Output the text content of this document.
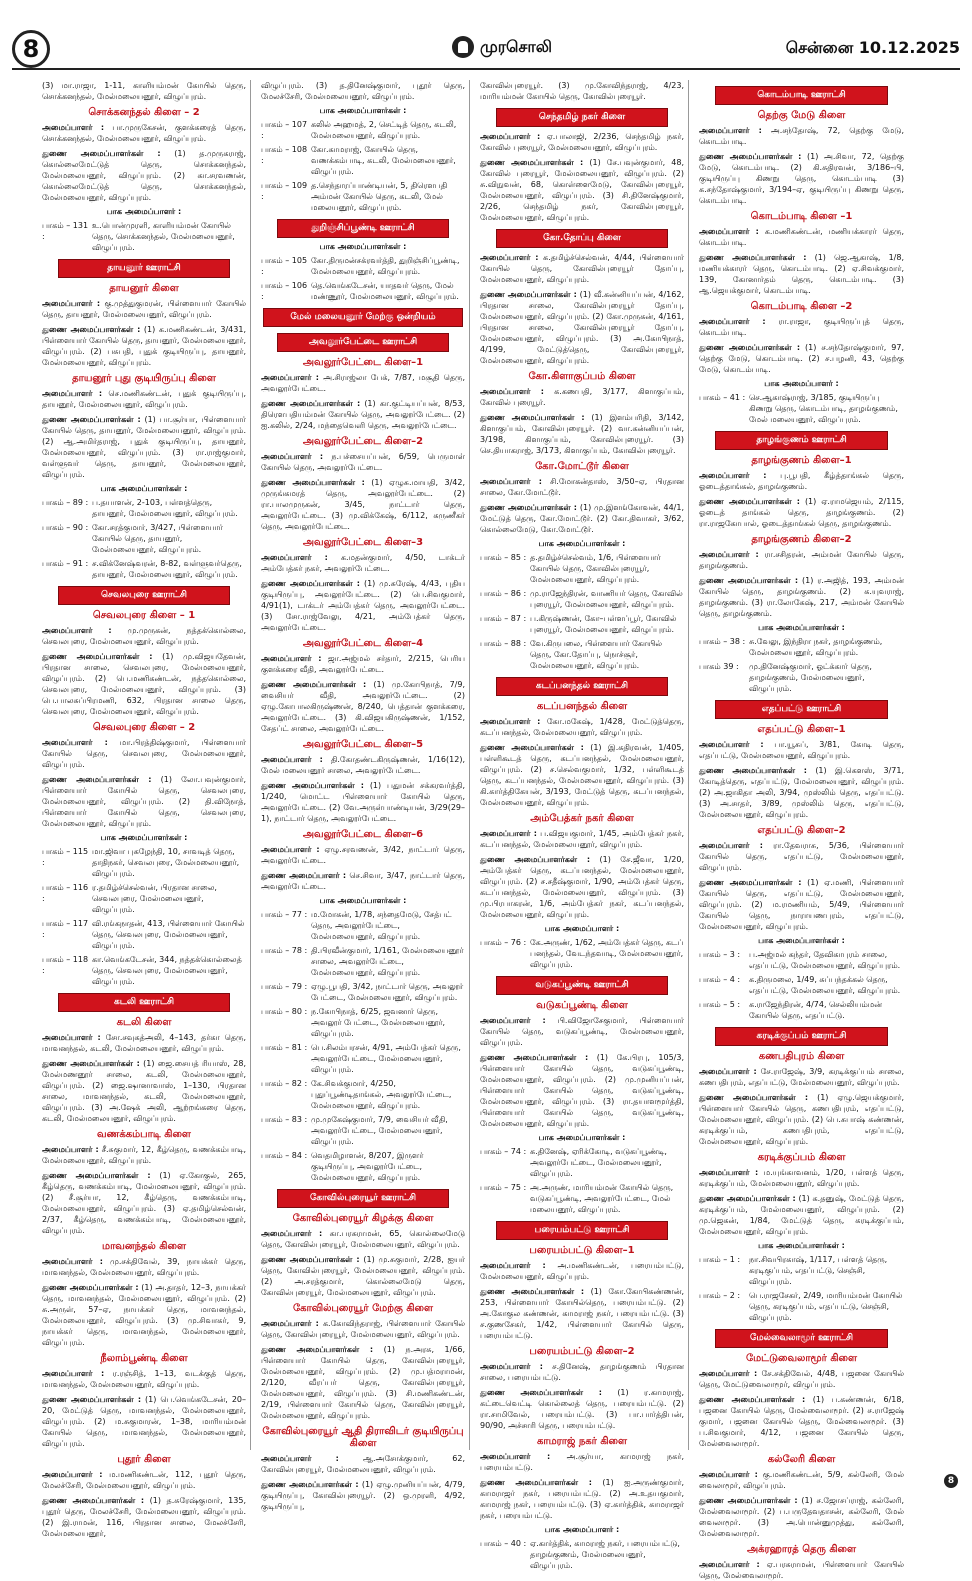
8	முரசொலி	சென்னை 10.12.2025

(3) மா.ராஜா, 1-11, காளியம்மன் கோயில் தெரு, சொக்கனந்தல், மேல்மலையனூர், விழுப்புரம்.

சொக்கனந்தல் கிளை – 2

அமைப்பாளர் : பா.முருகேசன், குளக்கரைத் தெரு, சொக்கனந்தல், மேல்மலையனூர், விழுப்புரம்.

துணை அமைப்பாளர்கள் : (1) த.முருகராஜ், கொல்லைமேட்டுத் தெரு, சொக்கனந்தல், மேல்மலையனூர், விழுப்புரம். (2) கா.சரவணன், கொல்லைமேட்டுத் தெரு, சொக்கனந்தல், மேல்மலையனூர், விழுப்புரம்.

பாக அமைப்பாளர் :
பாகம் – 131 :
உ.பொன்முரளி, காளியம்மன் கோயில் தெரு, சொக்கனந்தல், மேல்மலையனூர், விழுப்புரம்.
தாயனூர் ஊராட்சி
தாயனூர் கிளை

அமைப்பாளர் : கு.முத்துகுமரன், பிள்ளையார் கோயில் தெரு, தாயனூர், மேல்மலையனூர், விழுப்புரம்.

துணை அமைப்பாளர்கள் : (1) க.மணிகண்டன், 3/431, பிள்ளையார் கோயில் தெரு, தாயனூர், மேல்மலையனூர், விழுப்புரம். (2) பசுபதி, புதுக் குடியிருப்பு, தாயனூர், மேல்மலையனூர், விழுப்புரம்.

தாயனூர் புது குடியிருப்பு கிளை

அமைப்பாளர் : செ.மணிகண்டன், புதுக் குடியிருப்பு, தாயனூர், மேல்மலையனூர், விழுப்புரம்.

துணை அமைப்பாளர்கள் : (1) பா.சூர்யா, பிள்ளையார் கோயில் தெரு, தாயனூர், மேல்மலையனூர், விழுப்புரம். (2) ஆ.அமிர்தராஜ், புதுக் குடியிருப்பு, தாயனூர், மேல்மலையனூர், விழுப்புரம். (3) ரா.ராஜ்குமார், வள்ளுவர் தெரு, தாயனூர், மேல்மலையனூர், விழுப்புரம்.

பாக அமைப்பாளர்கள் :
பாகம் – 89 : ப.தயாளன், 2-103, பள்ளத்தெரு, தாயனூர், மேல்மலையனூர், விழுப்புரம்.
பாகம் – 90 : கோ.சரத்குமார், 3/427, பிள்ளையார் கோயில் தெரு, தாயனூர், மேல்மலையனூர், விழுப்புரம்.
பாகம் – 91 : ச.விக்னேஷ்வரன், 8-82, வள்ளுவர்தெரு, தாயனூர், மேல்மலையனூர், விழுப்புரம்.
செவலபுரை ஊராட்சி
செவலபுரை கிளை – 1

அமைப்பாளர் : மு.முருகன், நத்தக்கொல்லை, செவலபுரை, மேல்மலையனூர், விழுப்புரம்.

துணை அமைப்பாளர்கள் : (1) மு.விஜயதேவன், பிரதான சாலை, செவலபுரை, மேல்மலையனூர், விழுப்புரம். (2) பெ.மணிகண்டன், நத்தகொல்லை, செவலபுரை, மேல்மலையனூர், விழுப்புரம். (3) பெ.பாலசுப்பிரமணி, 632, பிரதான சாலை தெரு, செவலபுரை, மேல்மலையனூர், விழுப்புரம்.

செவலபுரை கிளை – 2

அமைப்பாளர் : மா.பிரத்திஷ்குமார், பிள்ளையார் கோயில் தெரு, செவலபுரை, மேல்மலையனூர், விழுப்புரம்.

துணை அமைப்பாளர்கள் : (1) லோ.பவுன்குமார், பிள்ளையார் கோயில் தெரு, செவலபுரை, மேல்மலையனூர், விழுப்புரம். (2) தி.விநோத், பிள்ளையார் கோயில் தெரு, செவலபுரை, மேல்மலையனூர், விழுப்புரம்.

பாக அமைப்பாளர்கள் :
பாகம் – 115 :
மா.ஜிவா புகழேந்தி, 10, சாவடித் தெரு, தாதிநகர், செவலபுரை, மேல்மலையனூர், விழுப்புரம்.
பாகம் – 116 :
ர.தமிழ்ச்செல்வன், பிரதான சாலை, செவலபுரை, மேல்மலையனூர், விழுப்புரம்.
பாகம் – 117 :
வி.ரங்கநாதன், 413, பிள்ளையார் கோயில் தெரு, செவலபுரை, மேல்மலையனூர், விழுப்புரம்.
பாகம் – 118 :
கா.வெங்கடேசன், 344, நத்தக்கொல்லைத் தெரு, செவலபுரை, மேல்மலையனூர், விழுப்புரம்.
கடலி ஊராட்சி
கடலி கிளை

அமைப்பாளர் : சோ.சவுகத்அலி, 4–143, தர்கா தெரு, மாவனந்தல், கடலி, மேல்மலையனூர், விழுப்புரம்.

துணை அமைப்பாளர்கள் : (1) ஜை.சையத் ரியாஸ், 28, மேல்மணனூர் சாலை, கடலி, மேல்மலையனூர், விழுப்புரம். (2) ஜை.ஷானாவாஸ், 1–130, பிரதான சாலை, மாவனந்தல், கடலி, மேல்மலையனூர், விழுப்புரம். (3) அ.ஷேக் அலி, ஆற்றங்கரை தெரு, கடலி, மேல்மலையனூர், விழுப்புரம்.

வணக்கம்பாடி கிளை

அமைப்பாளர் : சீ.சுகுமார், 12, கீழ்தெரு, வணக்கம்பாடி, மேல்மலையனூர், விழுப்புரம்.

துணை அமைப்பாளர்கள் : (1) ஏ.கோகுல், 265, கீழ்தெரு, வணக்கம்பாடி, மேல்மலையனூர், விழுப்புரம். (2) சீ.சூர்யா, 12, கீழ்தெரு, வணக்கம்பாடி, மேல்மலையனூர், விழுப்புரம். (3) ஏ.தமிழ்செல்வன், 2/37, கீழ்தெரு, வணக்கம்பாடி, மேல்மலையனூர், விழுப்புரம்.

மாவனந்தல் கிளை

அமைப்பாளர் : மு.சக்திவேல், 39, நாயக்கர் தெரு, மாவனந்தல், மேல்மலையனூர், விழுப்புரம்.

துணை அமைப்பாளர்கள் : (1) அ.தாதர், 12–3, நாயக்கர் தெரு, மாவனந்தல், மேல்மலையனூர், விழுப்புரம். (2) சு.அருள், 57–ஏ, நாயக்கர் தெரு, மாவனந்தல், மேல்மலையனூர், விழுப்புரம். (3) மு.சிவாகர், 9, நாயக்கர் தெரு, மாவனந்தல், மேல்மலையனூர், விழுப்புரம்.

நீலாம்பூண்டி கிளை

அமைப்பாளர் : ர.ரஞ்சித், 1–13, வடக்குத் தெரு, மாவனந்தல், மேல்மலையனூர், விழுப்புரம்.

துணை அமைப்பாளர்கள் : (1) பெ.வெங்கடேசன், 20–20, மேட்டுத் தெரு, மாவனந்தல், மேல்மலையனூர், விழுப்புரம். (2) ம.சுகுமாரன், 1–38, மாரியம்மன் கோயில் தெரு, மாவனந்தல், மேல்மலையனூர், விழுப்புரம்.

புதூர் கிளை

அமைப்பாளர் : ம.மணிகண்டன், 112, புதூர் தெரு, மேலச்சேரி, மேல்மலையனூர், விழுப்புரம்.

துணை அமைப்பாளர்கள் : (1) த.சுரேஷ்குமார், 135, புதூர் தெரு, மேலச்சேரி, மேல்மலையனூர், விழுப்புரம். (2) இ.ராமன், 116, பிரதான சாலை, மேலச்சேரி, மேல்மலையனூர்,

விழுப்புரம். (3) த.தினேஷ்குமார், புதூர் தெரு, மேலச்சேரி, மேல்மலையனூர், விழுப்புரம்.

பாக அமைப்பாளர்கள் :
பாகம் – 107 :
கலில் அஹமத், 2, செட்டித் தெரு, கடலி, மேல்மலையனூர், விழுப்புரம்.
பாகம் – 108 :
கோ.காமராஜ், கோயில் தெரு, வணக்கம்பாடி, கடலி, மேல்மலையனூர், விழுப்புரம்.
பாகம் – 109 :
த.செந்தாரப்பாண்டியன், 5, திரௌபதி அம்மன் கோயில் தெரு, கடலி, மேல் மலையனூர், விழுப்புரம்.
துறிஞ்சிப்பூண்டி ஊராட்சி
பாக அமைப்பாளர்கள் :
பாகம் – 105 :
கோ.திருமன்சக்ரவர்த்தி, துறிஞ்சிப்பூண்டி, மேல்மலையனூர், விழுப்புரம்.
பாகம் – 106 :
தெ.வெங்கடேசன், யாதவர் தெரு, மேல் மண்ணூர், மேல்மலையனூர், விழுப்புரம்.
மேல் மலையனூர் மேற்கு ஒன்றியம்
அவலூர்பேட்டை ஊராட்சி
அவலூர்பேட்டை கிளை–1

அமைப்பாளர் : அ.சிராஜ்லா பேக், 7/87, மசூதி தெரு, அவலூர்பேட்டை.

துணை அமைப்பாளர்கள் : (1) கா.குட்டியப்பன், 8/53, திரௌபதியம்மன் கோயில் தெரு, அவலூர்பேட்டை. (2) ஐ.கலில், 2/24, மந்தைவெளி தெரு, அவலூர்பேட்டை.

அவலூர்பேட்டை கிளை–2

அமைப்பாளர் : ந.பச்சையப்பன், 6/59, பெருமாள் கோயில் தெரு, அவலூர்பேட்டை.

துணை அமைப்பாளர்கள் : (1) ஏழுசு.மாயதி, 3/42, முருங்கமரத் தெரு, அவலூர்பேட்டை. (2) ரா.பாலமுருகன், 3/45, நாட்டார் தெரு, அவலூர்பேட்டை. (3) மு.விக்கேஷ், 6/112, கருணீகர் தெரு, அவலூர்பேட்டை.

அவலூர்பேட்டை கிளை–3

அமைப்பாளர் : க.மதன்குமார், 4/50, டாக்டர் அம்பேத்கர் நகர், அவலூர்பேட்டை.

துணை அமைப்பாளர்கள் : (1) மு.சுரேஷ், 4/43, புதிய குடியிருப்பு, அவலூர்பேட்டை. (2) பெ.சிவகுமார், 4/91(1), டாக்டர் அம்பேத்கர் தெரு, அவலூர்பேட்டை. (3) சோ.ராஜ்வேலு, 4/21, அம்பேத்கர் தெரு, அவலூர்பேட்டை.

அவலூர்பேட்டை கிளை–4

அமைப்பாளர் : ஜா.அஜ்மல் சர்தார், 2/215, பெரிய குளக்கரை வீதி, அவலூர்பேட்டை.

துணை அமைப்பாளர்கள் : (1) மு.கோபிநாத், 7/9, வைசியர் வீதி, அவலூர்பேட்டை. (2) ஏழு.கோபாலகிருஷ்ணன், 8/240, பெத்தான் குளக்கரை, அவலூர்பேட்டை. (3) கி.விஜயகிருஷ்ணன், 1/152, சேதப்ட் சாலை, அவலூர்பேட்டை.

அவலூர்பேட்டை கிளை–5

அமைப்பாளர் : தி.கோதண்டகிருஷ்ணன், 1/16(12), மேல் மலையனூர் சாலை, அவலூர்பேட்டை.

துணை அமைப்பாளர்கள் : (1) பதுமன் சக்கரவர்த்தி, 1/240, மொட்ட பிள்ளையார் கோயில் தெரு, அவலூர்பேட்டை. (2) வே.அருள்பாண்டியன், 3/29(29–1), நாட்டார் தெரு, அவலூர்பேட்டை.

அவலூர்பேட்டை கிளை–6

அமைப்பாளர் : ஏழு.சரவணன், 3/42, நாட்டார் தெரு, அவலூர்பேட்டை.

துணை அமைப்பாளர் : செ.சிவா, 3/47, நாட்டார் தெரு, அவலூர்பேட்டை.

பாக அமைப்பாளர்கள் :
பாகம் – 77 : ம.மோகன், 1/78, சந்தைமேடு, சேத்பட் தெரு, அவலூர்பேட்டை, மேல்மலையனூர், விழுப்புரம்.
பாகம் – 78 : தி.பிரவீன்குமார், 1/161, மேல்மலையனூர் சாலை, அவலூர்பேட்டை, மேல்மலையனூர், விழுப்புரம்.
பாகம் – 79 : ஏழு.பூபதி, 3/42, நாட்டார் தெரு, அவலூர் பேட்டை, மேல்மலையனூர், விழுப்புரம்.
பாகம் – 80 : ந.கோபிநாத், 6/25, ஜவனார் தெரு, அவலூர் பேட்டை, மேல்மலையனூர், விழுப்புரம்.
பாகம் – 81 : பெ.சிலம்பரசன், 4/91, அம்பேத்கர் தெரு, அவலூர்பேட்டை, மேல்மலையனூர், விழுப்புரம்.
பாகம் – 82 : கே.சிவக்குமார், 4/250, புதுப்பூண்டிதாங்கல், அவலூர்பேட்டை, மேல்மலையனூர், விழுப்புரம்.
பாகம் – 83 : மு.முகேஷ்குமார், 7/9, வைசியர் வீதி, அவலூர்பேட்டை, மேல்மலையனூர், விழுப்புரம்.
பாகம் – 84 : வெதமிழாளன், 8/207, இருளர் குடியிருப்பு, அவலூர்பேட்டை, மேல்மலையனூர், விழுப்புரம்.
கோவில்புரையூர் ஊராட்சி
கோவில்புரையூர் கிழக்கு கிளை

அமைப்பாளர் : கா.பரசுராமன், 65, கொல்லைமேடு தெரு, கோவில்புரையூர், மேல்மலையனூர், விழுப்புரம்.

துணை அமைப்பாளர்கள் : (1) மு.சுகுமார், 2/28, ஐயர் தெரு, கோவில்புரையூர், மேல்மலையனூர், விழுப்புரம். (2) அ.சரத்குமார், கொல்லைமேடு தெரு, கோவில்புரையூர், மேல்மலையனூர், விழுப்புரம்.

கோவில்புரையூர் மேற்கு கிளை

அமைப்பாளர் : க.கோவிந்தராஜ், பிள்ளையார் கோயில் தெரு, கோவில்புரையூர், மேல்மலையனூர், விழுப்புரம்.

துணை அமைப்பாளர்கள் : (1) ந.அரசு, 1/66, பிள்ளையார் கோயில் தெரு, கோவில்புரையூர், மேல்மலையனூர், விழுப்புரம். (2) மு.பத்மராமன், 2/120, வீரப்பர் தெரு, கோவில்புரையூர், மேல்மலையனூர், விழுப்புரம். (3) சி.மணிகண்டன், 2/19, பிள்ளையார் கோயில் தெரு, கோவில்புரையூர், மேல்மலையனூர், விழுப்புரம்.

கோவில்புரையூர் ஆதி திராவிடர் குடியிருப்பு கிளை

அமைப்பாளர் :	ஆ.அசோக்குமார், 62, கோவில்புரையூர், மேல்மலையனூர், விழுப்புரம்.

துணை அமைப்பாளர்கள் : (1) ஏழு.முனியப்பன், 4/79, குடியிருப்பு, கோவில்புரையூர். (2) ஒ.முரளி, 4/92, குடியிருப்பு,

கோவில்புரையூர். (3) மு.கோவிந்தராஜ், 4/23, மாரியம்மன் கோயில் தெரு, கோவில்புரையூர்.

செந்தமிழ் நகர் கிளை

அமைப்பாளர் : ஏ.பாலாஜி, 2/236, செந்தமிழ் நகர், கோவில் புரையூர், மேல்மலையனூர், விழுப்புரம்.

துணை அமைப்பாளர்கள் : (1) சே.பவுன்குமார், 48, கோவில் புரையூர், மேல்மலையனூர், விழுப்புரம். (2) சு.விநுவன், 68, கொள்ளைமேடு, கோவில்புரையூர், மேல்மலையனூர், விழுப்புரம். (3) சி.தினேஷ்குமார், 2/26, செந்தமிழ் நகர், கோவில்புரையூர், மேல்மலையனூர், விழுப்புரம்.

கோ.தோப்பு கிளை

அமைப்பாளர் : க.தமிழ்ச்செல்வன், 4/44, பிள்ளையார் கோயில் தெரு, கோவில்புரையூர் தோப்பு, மேல்மலையனூர், விழுப்புரம்.

துணை அமைப்பாளர்கள் : (1) வீ.கன்னியப்பன், 4/162, பிரதான சாலை, கோவில்புரையூர் தோப்பு, மேல்மலையனூர், விழுப்புரம். (2) கோ.முருகன், 4/161, பிரதான சாலை, கோவில்புரையூர் தோப்பு, மேல்மலையனூர், விழுப்புரம். (3) அ.கோபிநாத், 4/199, மேட்டுத்தெரு, கோவில்புரையூர், மேல்மலையனூர், விழுப்புரம்.

கோ.கிளாகுப்பம் கிளை

அமைப்பாளர் : க.கணபதி, 3/177, கிளாகுப்பம், கோவில் புரையூர்.

துணை அமைப்பாளர்கள் : (1) இளம்பரிதி, 3/142, கிளாகுப்பம், கோவில்புரையூர். (2) வா.கன்னியப்பன், 3/198, கிளாகுப்பம், கோவில்புரையூர். (3) செ.தியாகராஜ், 3/173, கிளாகுப்பம், கோவில்புரையூர்.

கோ.மோட்டூர் கிளை

அமைப்பாளர் : சி.மோகன்தாஸ், 3/50–ஏ, பிரதான சாலை, கோ.மோட்டூர்.

துணை அமைப்பாளர்கள் : (1) மு.இளங்கோவன், 44/1, மேட்டுத் தெரு, கோ.மோட்டூர். (2) கோ.திவாகர், 3/62, கொல்லைமேடு, கோ.மோட்டூர்.

பாக அமைப்பாளர்கள் :
பாகம் – 85 : த.தமிழ்ச்செல்வம், 1/6, பிள்ளையார் கோயில் தெரு, கோவில்புரையூர், மேல்மலையனூர், விழுப்புரம்.
பாகம் – 86 : மு.ராஜேந்திரன், வாணியர் தெரு, கோவில் புரையூர், மேல்மலையனூர், விழுப்புரம்.
பாகம் – 87 : ப.கிருஷ்ணன், கோ–பள்ளப்பூர், கோவில் புரையூர், மேல்மலையனூர், விழுப்புரம்.
பாகம் – 88 : வே.கிருபலை, பிள்ளையார் கோயில் தெரு, கோ.தோப்பு, நொச்சூர், மேல்மலையனூர், விழுப்புரம்.
கடப்பனந்தல் ஊராட்சி
கடப்பனந்தல் கிளை

அமைப்பாளர் : கோ.மகேஷ், 1/428, மேட்டுத்தெரு, கடப்பனந்தல், மேல்மலையனூர், விழுப்புரம்.

துணை அமைப்பாளர்கள் : (1) இ.கதிரவன், 1/405, பள்ளிகூடத் தெரு, கடப்பனந்தல், மேல்மலையனூர், விழுப்புரம். (2) ச.செல்வகுமார், 1/32, பள்ளிகூடத் தெரு, கடப்பனந்தல், மேல்மலையனூர், விழுப்புரம். (3) கி.கார்த்திகேயன், 3/193, மேட்டுத் தெரு, கடப்பனந்தல், மேல்மலையனூர், விழுப்புரம்.

அம்பேத்கர் நகர் கிளை

அமைப்பாளர் : ப.விஜயகுமார், 1/45, அம்பேத்கர் நகர், கடப்பனந்தல், மேல்மலையனூர், விழுப்புரம்.

துணை அமைப்பாளர்கள் : (1) சே.ஜீவா, 1/20, அம்பேத்கர் தெரு, கடப்பனந்தல், மேல்மலையனூர், விழுப்புரம். (2) ச.சதீஷ்குமார், 1/90, அம்பேத்கர் தெரு, கடப்பனந்தல், மேல்மலையனூர், விழுப்புரம். (3) மு.பிரபாகரன், 1/6, அம்பேத்கர் நகர், கடப்பனந்தல், மேல்மலையனூர், விழுப்புரம்.

பாக அமைப்பாளர் :
பாகம் – 76 : கே.அருண், 1/62, அம்பேத்கர் தெரு, கடப் பனந்தல், வேடந்தவாடி, மேல்மலையனூர், விழுப்புரம்.
வடுகப்பூண்டி ஊராட்சி
வடுகப்பூண்டி கிளை

அமைப்பாளர் : பி.விஜோசேகுமார், பிள்ளையார் கோயில் தெரு, வடுகப்பூண்டி, மேல்மலையனூர், விழுப்புரம்.

துணை அமைப்பாளர்கள் : (1) கே.பிரபு, 105/3, பிள்ளையார் கோயில் தெரு, வடுகப்பூண்டி, மேல்மலையனூர், விழுப்புரம். (2) மு.முனியப்பன், பிள்ளையார் கோயில் தெரு, வடுகப்பூண்டி, மேல்மலையனூர், விழுப்புரம். (3) ரா.தயாளமூர்த்தி, பிள்ளையார் கோயில் தெரு, வடுகப்பூண்டி, மேல்மலையனூர், விழுப்புரம்.

பாக அமைப்பாளர்கள் :
பாகம் – 74 : க.தினேஷ், ஏரிக்கோடி, வடுகப்பூண்டி, அவலூர்பேட்டை, மேல்மலையனூர், விழுப்புரம்.
பாகம் – 75 : அ.அருண், மாரியம்மன் கோயில் தெரு, வடுகப்பூண்டி, அவலூர்பேட்டை, மேல் மலையனூர், விழுப்புரம்.
பரையம்பட்டு ஊராட்சி
பரையம்பட்டு கிளை–1

அமைப்பாளர் : அ.மணிகண்டன், பரையம்பட்டு, மேல்மலையனூர், விழுப்புரம்.

துணை அமைப்பாளர்கள் : (1) கோ.கோபிகண்ணன், 253, பிள்ளையார் கோயில்தெரு, பரையம்பட்டு. (2) அ.கோகுல கண்ணன், காமராஜ் நகர், பரையம்பட்டு. (3) ச.குணசேகர், 1/42, பிள்ளையார் கோயில் தெரு, பரையம்பட்டு.

பரையம்பட்டு கிளை–2

அமைப்பாளர் : ச.தினேஷ், தாழங்குணம் பிரதான சாலை, பரையம்பட்டு.

துணை அமைப்பாளர்கள் : (1) ர.காமராஜ், கட்டைவெட்டி கொல்லைத் தெரு, பரையம்பட்டு. (2) ரா.சாமிவேல், பரையம்பட்டு. (3) பா.பார்த்திபன், 90/90, அச்சாரி தெரு, பரையம்பட்டு.

காமராஜ் நகர் கிளை

அமைப்பாளர் : அ.சூர்யா, காமராஜ் நகர், பரையம்பட்டு.

துணை அமைப்பாளர்கள் : (1) ஐ.அருண்குமார், காமராஜர் நகர், பரையம்பட்டு. (2) அ.உதயகுமார், காமராஜ் நகர், பரையம்பட்டு. (3) ஏ.கார்த்திக், காமராஜர் நகர், பரையம்பட்டு.

பாக அமைப்பாளர் :
பாகம் – 40 : ஏ.கார்த்திக், காமராஜ் நகர், பரையம்பட்டு, தாழங்குணம், மேல்மலையனூர், விழுப்புரம்.
கொடம்பாடி ஊராட்சி
தெற்கு மேடு கிளை

அமைப்பாளர் : அ.சந்தோஷ், 72, தெற்கு மேடு, கொடம்பாடி.

துணை அமைப்பாளர்கள் : (1) அ.சிவா, 72, தெற்கு மேடு, கொடம்பாடி. (2) கி.சுதிரவன், 3/186–பி, குடியிருப்பு கிணறு தெரு, கொடம்பாடி (3) க.சந்தோஷ்குமார், 3/194–ஏ, குடியிருப்பு கிணறு தெரு, கொடம்பாடி.

கொடம்பாடி கிளை –1

அமைப்பாளர் : க.மணிகண்டன், மணியக்காரர் தெரு, கொடம்பாடி.

துணை அமைப்பாளர்கள் : (1) ஜெ.ஆகாஷ், 1/8, மணியக்காரர் தெரு, கொடம்பாடி. (2) ஏ.சிவக்குமார், 139, கோனார்தம் தெரு, கொடம்பாடி. (3) ஆ.ஜெயக்குமார், கொடம்பாடி.

கொடம்பாடி கிளை –2

அமைப்பாளர் : ரா.ராஜா, குடியிருப்புத் தெரு, கொடம்பாடி.

துணை அமைப்பாளர்கள் : (1) ச.சந்தோஷ்குமார், 97, தெற்கு மேடு, கொடம்பாடி. (2) ச.பழனி, 43, தெற்கு மேடு, கொடம்பாடி.

பாக அமைப்பாளர் :
பாகம் – 41 : செ.ஆகாஷ்ராஜ், 3/185, குடியிருப்பு கிணறு தெரு, கொடம்பாடி, தாழங்குணம், மேல் மலையனூர், விழுப்புரம்.
தாழங்குணம் ஊராட்சி
தாழங்குணம் கிளை–1

அமைப்பாளர் : பு.பூபதி, கீழ்த்தாங்கல் தெரு, ஓடைத்தாங்கல், தாழங்குணம்.

துணை அமைப்பாளர்கள் : (1) ஏ.ராமஜெயம், 2/115, ஓடைத் தாங்கல் தெரு, தாழங்குணம். (2) ரா.ராஜகோபால், ஓடைத்தாங்கல் தெரு, தாழங்குணம்.

தாழங்குணம் கிளை–2

அமைப்பாளர் : ரா.சசிதரன், அம்மன் கோயில் தெரு, தாழங்குணம்.

துணை அமைப்பாளர்கள் : (1) ர.அஜித், 193, அம்மன் கோயில் தெரு, தாழங்குணம். (2) க.யுவராஜ், தாழங்குணம். (3) ரா.லோகேஷ், 217, அம்மன் கோயில் தெரு, தாழங்குணம்.

பாக அமைப்பாளர்கள் :
பாகம் – 38 : சு.வேலு, இந்திரா நகர், தாழங்குணம், மேல்மலையனூர், விழுப்புரம்.
பாகம் 39 :	மு.தினேஷ்குமார், ஓட்க்கார் தெரு, தாழங்குணம், மேல்மலையனூர், விழுப்புரம்.
எதப்பட்டு ஊராட்சி
எதப்பட்டு கிளை–1

அமைப்பாளர் : பா.யூசுப், 3/81, கோடி தெரு, எதப்பட்டு, மேல்மலையனூர், விழுப்புரம்.

துணை அமைப்பாளர்கள் : (1) இ.கௌஸ், 3/71, கோடித்தெரு, எதப்பட்டு, மேல்மலையனூர், விழுப்புரம். (2) அ.ஜாகிதா அலி, 3/94, முஸ்லிம் தெரு, எதப்பட்டு. (3) அ.சாதர், 3/89, முஸ்லிம் தெரு, எதப்பட்டு, மேல்மலையனூர், விழுப்புரம்.

எதப்பட்டு கிளை–2

அமைப்பாளர் : ரா.தேவராசு, 5/36, பிள்ளையார் கோயில் தெரு, எதப்பட்டு, மேல்மலையனூர், விழுப்புரம்.

துணை அமைப்பாளர்கள் : (1) ஏ.மணி, பிள்ளையார் கோயில் தெரு, எதப்பட்டு, மேல்மலையனூர், விழுப்புரம். (2) ம.ரமணியம், 5/49, பிள்ளையார் கோயில் தெரு, நாராயணபுரம், எதப்பட்டு, மேல்மலையனூர், விழுப்புரம்.

பாக அமைப்பாளர்கள் :
பாகம் – 3 :	ப.அஜ்மல் கந்தர், தேவிகாபுரம் சாலை, எதப்பட்டு, மேல்மலையனூர், விழுப்புரம்.
பாகம் – 4 :	க.திருமலை, 1/49, சுப்பந்தக்கல் தெரு, எதப்பட்டு, மேல்மலையனூர், விழுப்புரம்.
பாகம் – 5 :	க.ராஜேந்திரன், 4/74, செல்லியம்மன் கோயில் தெரு, எதப்பட்டு.
கரடிக்குப்பம் ஊராட்சி
கணபதிபுரம் கிளை

அமைப்பாளர் : சே.ராஜேஷ், 3/9, கரடிக்குப்பம் சாலை, கணபதிபுரம், எதப்பட்டு, மேல்மலையனூர், விழுப்புரம்.

துணை அமைப்பாளர்கள் : (1) ஏழு.ஜெயக்குமார், பிள்ளையார் கோயில் தெரு, கணபதிபுரம், எதப்பட்டு, மேல்மலையனூர், விழுப்புரம். (2) பெ.சுபாஷ் கண்ணன், கரடிக்குப்பம், கணபதிபுரம், எதப்பட்டு, மேல்மலையனூர், விழுப்புரம்.

கரடிக்குப்பம் கிளை

அமைப்பாளர் : ம.யுங்காவனம், 1/20, பள்ளத் தெரு, கரடிக்குப்பம், மேல்மலையனூர், விழுப்புரம்.

துணை அமைப்பாளர்கள் : (1) க.தனுஷ், மேட்டுத் தெரு, கரடிக்குப்பம், மேல்மலையனூர், விழுப்புரம். (2) மு.ஜெகன், 1/84, மேட்டுத் தெரு, கரடிக்குப்பம், மேல்மலையனூர், விழுப்புரம்.

பாக அமைப்பாளர்கள் :
பாகம் – 1 :	நா.சிவபிரகாஷ், 1/117, பள்ளத் தெரு, கரடிகுப்பம், எதப்பட்டு, செஞ்சி, விழுப்புரம்.
பாகம் – 2 :	பெ.ராஜசேகர், 2/49, மாரியம்மன் கோயில் தெரு, கரடிகுப்பம், எதப்பட்டு, செஞ்சி, விழுப்புரம்.
மேல்வைலாமூர் ஊராட்சி
மேட்டுவைலாமூர் கிளை

அமைப்பாளர் : சே.சக்திவேல், 4/48, பஜனை கோயில் தெரு, மேட்டுவைலாமூர், விழுப்புரம்.

துணை அமைப்பாளர்கள் : (1) ப.கண்ணன், 6/18, பஜனை கோயில் தெரு, மேல்வைலாமூர். (2) ச.ராஜேஷ் குமார், பஜனை கோயில் தெரு, மேல்வைலாமூர். (3) ப.சிவகுமார், 4/12, பஜனை கோயில் தெரு, மேல்வைலாமூர்.

கல்லேரி கிளை

அமைப்பாளர் : கு.மணிகண்டன், 5/9, கல்லேரி, மேல் வைலாமூர், விழுப்புரம்.

துணை அமைப்பாளர்கள் : (1) ச.ஜோசப்ராஜ், கல்லேரி, மேல்வைலாமூர். (2) ப.பருதேவதாசன், கல்லேரி, மேல் வைலாமூர். (3) அ.பொன்னுமுத்து, கல்லேரி, மேல்வைலாமூர்.

அக்ரஹாரத் தெரு கிளை

அமைப்பாளர் : ஏ.பரசுராமன், பிள்ளையார் கோயில் தெரு, மேல்வைலாமூர்.

8
